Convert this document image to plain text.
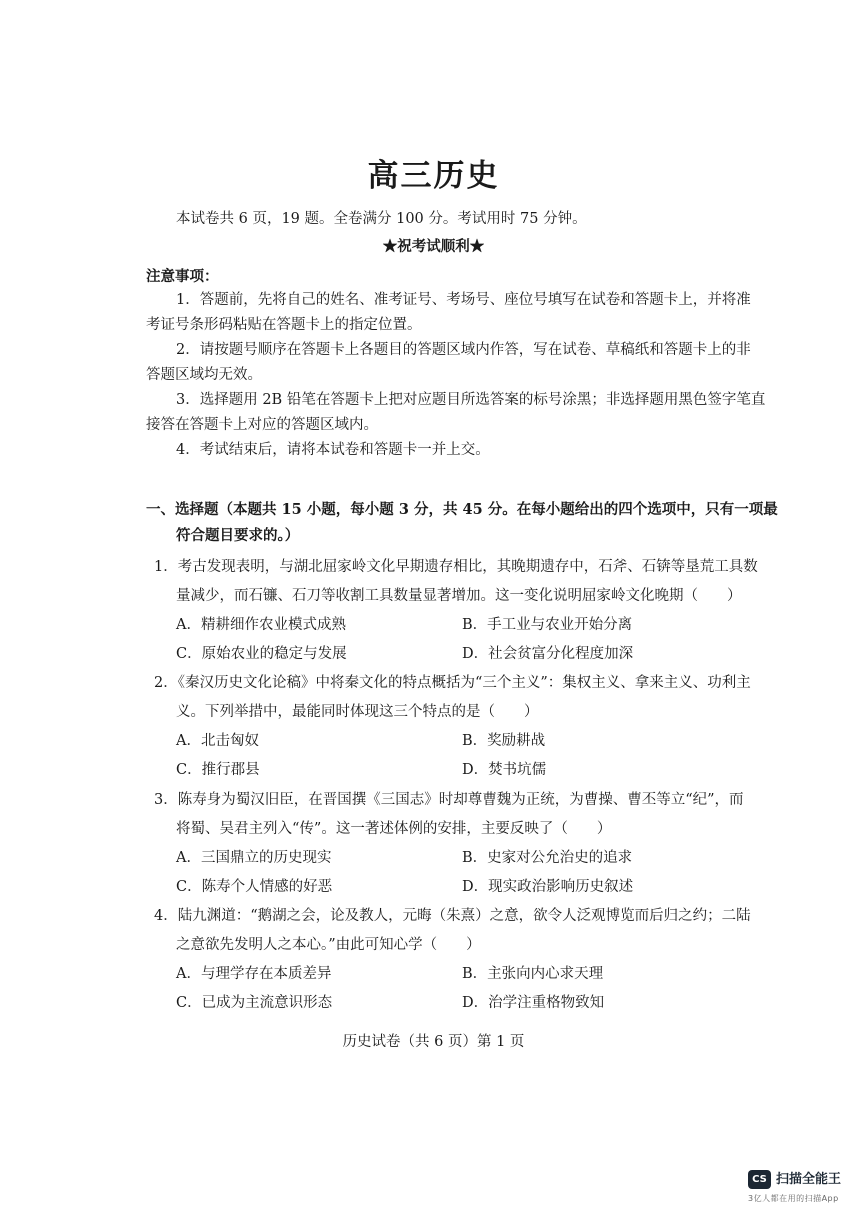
高三历史
本试卷共 6 页，19 题。全卷满分 100 分。考试用时 75 分钟。
★祝考试顺利★
注意事项：
1．答题前，先将自己的姓名、准考证号、考场号、座位号填写在试卷和答题卡上，并将准
考证号条形码粘贴在答题卡上的指定位置。
2．请按题号顺序在答题卡上各题目的答题区域内作答，写在试卷、草稿纸和答题卡上的非
答题区域均无效。
3．选择题用 2B 铅笔在答题卡上把对应题目所选答案的标号涂黑；非选择题用黑色签字笔直
接答在答题卡上对应的答题区域内。
4．考试结束后，请将本试卷和答题卡一并上交。
一、选择题（本题共 15 小题，每小题 3 分，共 45 分。在每小题给出的四个选项中，只有一项最
符合题目要求的。）
1．考古发现表明，与湖北屈家岭文化早期遗存相比，其晚期遗存中，石斧、石锛等垦荒工具数
量减少，而石镰、石刀等收割工具数量显著增加。这一变化说明屈家岭文化晚期（　　）
A．精耕细作农业模式成熟	B．手工业与农业开始分离
C．原始农业的稳定与发展	D．社会贫富分化程度加深
2．《秦汉历史文化论稿》中将秦文化的特点概括为“三个主义”：集权主义、拿来主义、功利主
义。下列举措中，最能同时体现这三个特点的是（　　）
A．北击匈奴	B．奖励耕战
C．推行郡县	D．焚书坑儒
3．陈寿身为蜀汉旧臣，在晋国撰《三国志》时却尊曹魏为正统，为曹操、曹丕等立“纪”，而
将蜀、吴君主列入“传”。这一著述体例的安排，主要反映了（　　）
A．三国鼎立的历史现实	B．史家对公允治史的追求
C．陈寿个人情感的好恶	D．现实政治影响历史叙述
4．陆九渊道：“鹅湖之会，论及教人，元晦（朱熹）之意，欲令人泛观博览而后归之约；二陆
之意欲先发明人之本心。”由此可知心学（　　）
A．与理学存在本质差异	B．主张向内心求天理
C．已成为主流意识形态	D．治学注重格物致知
历史试卷（共 6 页）第 1 页
CS 扫描全能王
3亿人都在用的扫描App
